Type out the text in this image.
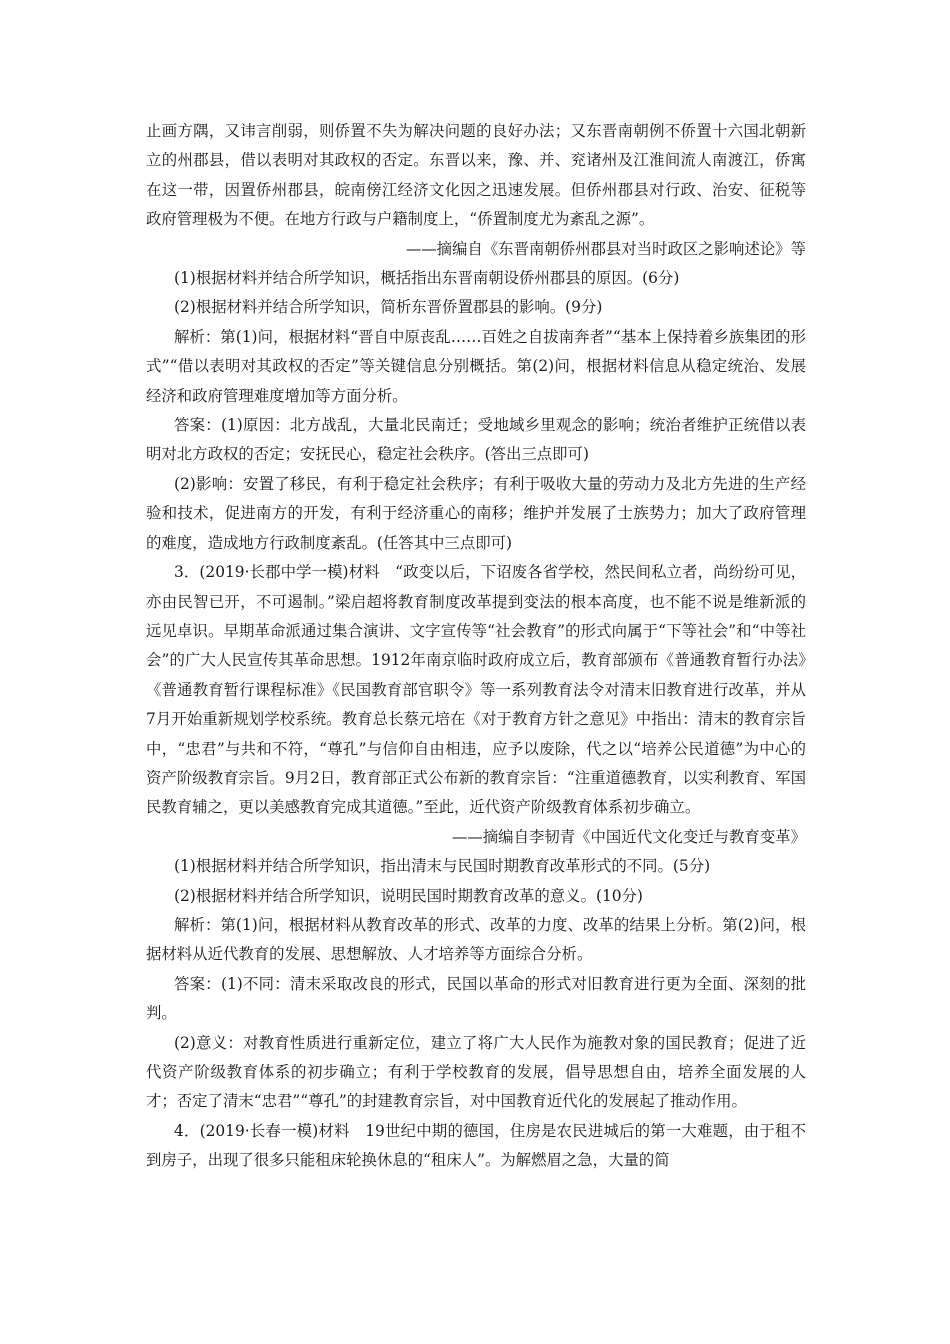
止画方隅，又讳言削弱，则侨置不失为解决问题的良好办法；又东晋南朝例不侨置十六国北朝新立的州郡县，借以表明对其政权的否定。东晋以来，豫、并、兖诸州及江淮间流人南渡江，侨寓在这一带，因置侨州郡县，皖南傍江经济文化因之迅速发展。但侨州郡县对行政、治安、征税等政府管理极为不便。在地方行政与户籍制度上，“侨置制度尤为紊乱之源”。

——摘编自《东晋南朝侨州郡县对当时政区之影响述论》等

(1)根据材料并结合所学知识，概括指出东晋南朝设侨州郡县的原因。(6分)

(2)根据材料并结合所学知识，简析东晋侨置郡县的影响。(9分)

解析：第(1)问，根据材料“晋自中原丧乱……百姓之自拔南奔者”“基本上保持着乡族集团的形式”“借以表明对其政权的否定”等关键信息分别概括。第(2)问，根据材料信息从稳定统治、发展经济和政府管理难度增加等方面分析。

答案：(1)原因：北方战乱，大量北民南迁；受地域乡里观念的影响；统治者维护正统借以表明对北方政权的否定；安抚民心，稳定社会秩序。(答出三点即可)

(2)影响：安置了移民，有利于稳定社会秩序；有利于吸收大量的劳动力及北方先进的生产经验和技术，促进南方的开发，有利于经济重心的南移；维护并发展了士族势力；加大了政府管理的难度，造成地方行政制度紊乱。(任答其中三点即可)

3．(2019·长郡中学一模)材料　“政变以后，下诏废各省学校，然民间私立者，尚纷纷可见，亦由民智已开，不可遏制。”梁启超将教育制度改革提到变法的根本高度，也不能不说是维新派的远见卓识。早期革命派通过集合演讲、文字宣传等“社会教育”的形式向属于“下等社会”和“中等社会”的广大人民宣传其革命思想。1912年南京临时政府成立后，教育部颁布《普通教育暂行办法》《普通教育暂行课程标准》《民国教育部官职令》等一系列教育法令对清末旧教育进行改革，并从7月开始重新规划学校系统。教育总长蔡元培在《对于教育方针之意见》中指出：清末的教育宗旨中，“忠君”与共和不符，“尊孔”与信仰自由相违，应予以废除，代之以“培养公民道德”为中心的资产阶级教育宗旨。9月2日，教育部正式公布新的教育宗旨：“注重道德教育，以实利教育、军国民教育辅之，更以美感教育完成其道德。”至此，近代资产阶级教育体系初步确立。

——摘编自李韧青《中国近代文化变迁与教育变革》

(1)根据材料并结合所学知识，指出清末与民国时期教育改革形式的不同。(5分)

(2)根据材料并结合所学知识，说明民国时期教育改革的意义。(10分)

解析：第(1)问，根据材料从教育改革的形式、改革的力度、改革的结果上分析。第(2)问，根据材料从近代教育的发展、思想解放、人才培养等方面综合分析。

答案：(1)不同：清末采取改良的形式，民国以革命的形式对旧教育进行更为全面、深刻的批判。

(2)意义：对教育性质进行重新定位，建立了将广大人民作为施教对象的国民教育；促进了近代资产阶级教育体系的初步确立；有利于学校教育的发展，倡导思想自由，培养全面发展的人才；否定了清末“忠君”“尊孔”的封建教育宗旨，对中国教育近代化的发展起了推动作用。

4．(2019·长春一模)材料　19世纪中期的德国，住房是农民进城后的第一大难题，由于租不到房子，出现了很多只能租床轮换休息的“租床人”。为解燃眉之急，大量的简
